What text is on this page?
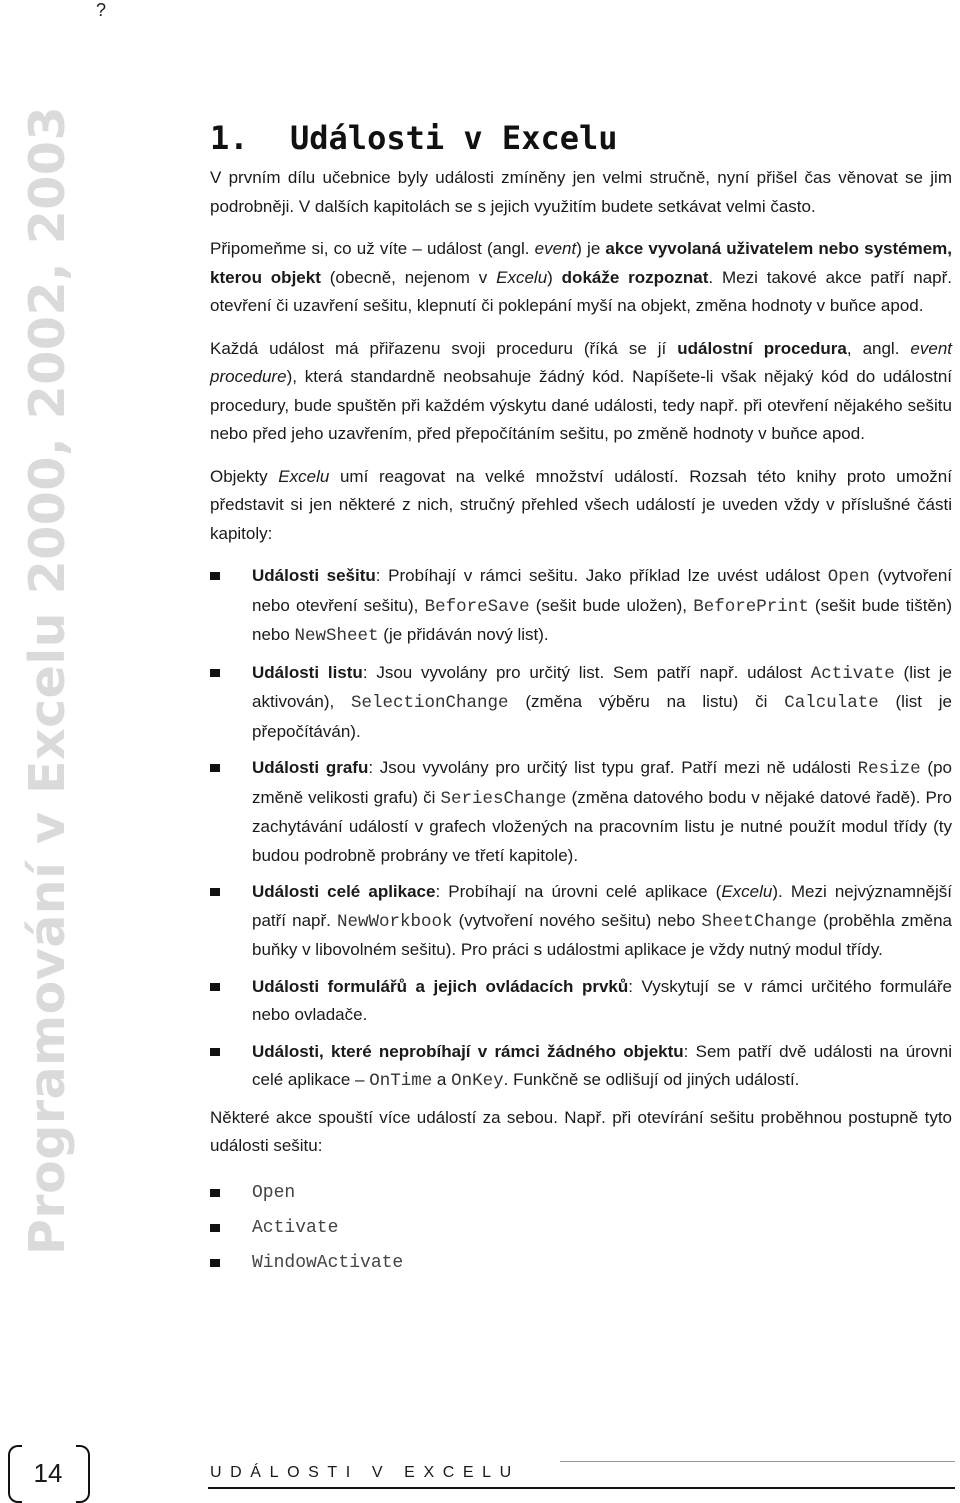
?
Programování v Excelu 2000, 2002, 2003	1. Události v Excelu

V prvním dílu učebnice byly události zmíněny jen velmi stručně, nyní přišel čas věnovat se jim podrobněji. V dalších kapitolách se s jejich využitím budete setkávat velmi často.

Připomeňme si, co už víte – událost (angl. event) je akce vyvolaná uživatelem nebo systémem, kterou objekt (obecně, nejenom v Excelu) dokáže rozpoznat. Mezi takové akce patří např. otevření či uzavření sešitu, klepnutí či poklepání myší na objekt, změna hodnoty v buňce apod.

Každá událost má přiřazenu svoji proceduru (říká se jí událostní procedura, angl. event procedure), která standardně neobsahuje žádný kód. Napíšete-li však nějaký kód do událostní procedury, bude spuštěn při každém výskytu dané události, tedy např. při otevření nějakého sešitu nebo před jeho uzavřením, před přepočítáním sešitu, po změně hodnoty v buňce apod.

Objekty Excelu umí reagovat na velké množství událostí. Rozsah této knihy proto umožní představit si jen některé z nich, stručný přehled všech událostí je uveden vždy v příslušné části kapitoly:

Události sešitu: Probíhají v rámci sešitu. Jako příklad lze uvést událost Open (vytvoření nebo otevření sešitu), BeforeSave (sešit bude uložen), BeforePrint (sešit bude tištěn) nebo NewSheet (je přidáván nový list).
Události listu: Jsou vyvolány pro určitý list. Sem patří např. událost Activate (list je aktivován), SelectionChange (změna výběru na listu) či Calculate (list je přepočítáván).
Události grafu: Jsou vyvolány pro určitý list typu graf. Patří mezi ně události Resize (po změně velikosti grafu) či SeriesChange (změna datového bodu v nějaké datové řadě). Pro zachytávání událostí v grafech vložených na pracovním listu je nutné použít modul třídy (ty budou podrobně probrány ve třetí kapitole).
Události celé aplikace: Probíhají na úrovni celé aplikace (Excelu). Mezi nejvýznamnější patří např. NewWorkbook (vytvoření nového sešitu) nebo SheetChange (proběhla změna buňky v libovolném sešitu). Pro práci s událostmi aplikace je vždy nutný modul třídy.
Události formulářů a jejich ovládacích prvků: Vyskytují se v rámci určitého formuláře nebo ovladače.
Události, které neprobíhají v rámci žádného objektu: Sem patří dvě události na úrovni celé aplikace – OnTime a OnKey. Funkčně se odlišují od jiných událostí.

Některé akce spouští více událostí za sebou. Např. při otevírání sešitu proběhnou postupně tyto události sešitu:

Open
Activate
WindowActivate
14	UDÁLOSTI V EXCELU
